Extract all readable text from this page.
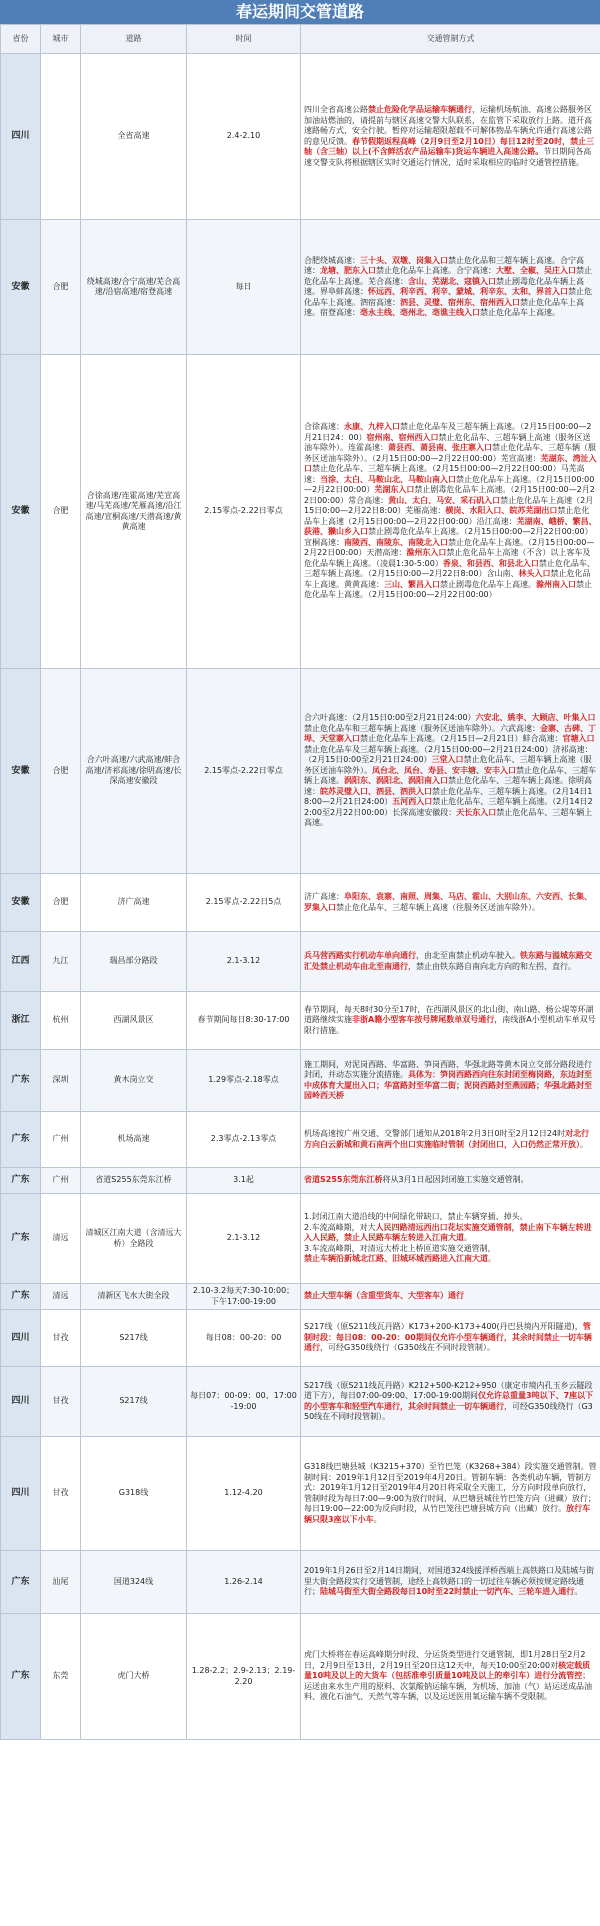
春运期间交管道路
省份	城市	道路	时间	交通管制方式
四川		全省高速	2.4-2.10	四川全省高速公路禁止危险化学品运输车辆通行，运输机场航油、高速公路服务区加油站燃油的，请提前与辖区高速交警大队联系，在监管下采取放行上路。道开高速路畅方式，安全行驶。暂停对运输超限超载不可解体物品车辆允许通行高速公路的意见反馈。春节假期返程高峰（2月9日至2月10日）每日12时至20时，禁止三轴（含三轴）以上(不含鲜活农产品运输车)货运车辆进入高速公路。节日期间各高速交警支队将根据辖区实时交通运行情况，适时采取相应的临时交通管控措施。
安徽	合肥	绕城高速/合宁高速/芜合高速/沿宿高速/宿登高速	每日	合肥绕城高速：三十头、双墩、岗集入口禁止危化品和三超车辆上高速。合宁高速：龙塘、肥东入口禁止危化品车上高速。合宁高速：大墅、全椒、吴庄入口禁止危化品车上高速。芜合高速：含山、芜湖北、寇镇入口禁止剧毒危化品车辆上高速。界阜蚌高速：怀远西、利辛西、利辛、蒙城、利辛东、太和、界首入口禁止危化品车上高速。泗宿高速：泗县、灵璧、宿州东、宿州西入口禁止危化品车上高速。宿登高速：亳永主线、亳州北、亳谯主线入口禁止危化品车上高速。
安徽	合肥	合徐高速/连霍高速/芜宣高速/马芜高速/芜雁高速/沿江高速/宣桐高速/天潜高速/黄黄高速	2.15零点-2.22日零点	合徐高速：永康、九梓入口禁止危化品车及三超车辆上高速。（2月15日00:00—2月21日24：00）宿州南、宿州西入口禁止危化品车、三超车辆上高速（服务区送油车除外）。连霍高速：萧县西、萧县南、张庄寨入口禁止危化品车、三超车辆（服务区送油车除外）。（2月15日00:00—2月22日00:00）芜宣高速：芜湖东、湾沚入口禁止危化品车、三超车辆上高速。（2月15日00:00—2月22日00:00）马芜高速：当涂、太白、马鞍山北、马鞍山南入口禁止危化品车上高速。（2月15日00:00—2月22日00:00）芜湖东入口禁止剧毒危化品车上高速。（2月15日00:00—2月22日00:00）常合高速：黄山、太白、马安、采石矶入口禁止危化品车上高速（2月15日0:00—2月22日8:00）芜雁高速：横岗、水阳入口、皖苏芜湖出口禁止危化品车上高速（2月15日00:00—2月22日00:00）沿江高速：芜湖南、峨桥、繁昌、荻港、獭山乡入口禁止剧毒危化品车上高速。（2月15日00:00—2月22日00:00）宣桐高速：南陵西、南陵东、南陵北入口禁止危化品车上高速。（2月15日00:00—2月22日00:00）天潜高速：滁州东入口禁止危化品车上高速（不含）以上客车及危化品车辆上高速。（凌晨1:30-5:00）香泉、和县西、和县北入口禁止危化品车、三超车辆上高速。（2月15日0:00—2月22日8:00）含山南、林头入口禁止危化品车上高速。黄黄高速：三山、繁昌入口禁止剧毒危化品车上高速。滁州南入口禁止危化品车上高速。（2月15日00:00—2月22日00:00）
安徽	合肥	合六叶高速/六武高速/蚌合高速/济祁高速/徐明高速/长深高速安徽段	2.15零点-2.22日零点	合六叶高速：（2月15日0:00至2月21日24:00）六安北、姚李、大顾店、叶集入口禁止危化品车和三超车辆上高速（服务区送油车除外）。六武高速：金寨、古碑、丁埠、天堂寨入口禁止危化品车上高速。（2月15日—2月21日）蚌合高速：官塘入口禁止危化品车及三超车辆上高速。（2月15日00:00—2月21日24:00）济祁高速：（2月15日0:00至2月21日24:00）三堂入口禁止危化品车、三超车辆上高速（服务区送油车除外）。凤台北、凤台、寿县、安丰塘、安丰入口禁止危化品车、三超车辆上高速。涡阳东、涡阳北、涡阳南入口禁止危化品车、三超车辆上高速。徐明高速：皖苏灵璧入口、泗县、泗洪入口禁止危化品车、三超车辆上高速。（2月14日18:00—2月21日24:00）五河西入口禁止危化品车、三超车辆上高速。（2月14日22:00至2月22日00:00）长深高速安徽段：天长东入口禁止危化品车、三超车辆上高速。
安徽	合肥	济广高速	2.15零点-2.22日5点	济广高速：阜阳东、袁寨、南照、周集、马店、霍山、大别山东、六安西、长集、罗集入口禁止危化品车、三超车辆上高速（往服务区送油车除外）。
江西	九江	瑞昌部分路段	2.1-3.12	兵马营西路实行机动车单向通行，由北至南禁止机动车驶入。铁东路与溢城东路交汇处禁止机动车由北至南通行，禁止由铁东路自南向北方向的和左拐、直行。
浙江	杭州	西湖风景区	春节期间每日8:30-17:00	春节期间，每天8时30分至17时，在西湖风景区的北山街、南山路、杨公堤等环湖道路继续实施非浙A籍小型客车按号牌尾数单双号通行，南线浙A小型机动车单双号限行措施。
广东	深圳	黄木岗立交	1.29零点-2.18零点	施工期间，对泥岗西路、华富路、笋岗西路、华强北路等黄木岗立交部分路段进行封闭，并动态实施分流措施。具体为：笋岗西路西向往东封闭至梅岗路，东边封至中成体育大厦出入口；华富路封至华富二街；泥岗西路封至燕园路；华强北路封至园岭西天桥
广东	广州	机场高速	2.3零点-2.13零点	机场高速按广州交通、交警部门通知从2018年2月3日0时至2月12日24时对北行方向白云新城和黄石南两个出口实施临时管制（封闭出口，入口仍然正常开放）。
广东	广州	省道S255东莞东江桥	3.1起	省道S255东莞东江桥将从3月1日起因封闭施工实施交通管制。
广东	清远	清城区江南大道（含清远大桥）全路段	2.1-3.12	1.封闭江南大道沿线的中间绿化带缺口，禁止车辆穿插、掉头。
2.车流高峰期，对大人民四路清远西出口花坛实施交通管制，禁止南下车辆左转进入人民路，禁止人民路车辆左转进入江南大道。
3.车流高峰期，对清远大桥北上桥匝道实施交通管制，
禁止车辆沿新城北江路、旧城环城西路进入江南大道。
广东	清远	清新区飞水大街全段	2.10-3.2每天7:30-10:00；下午17:00-19:00	禁止大型车辆（含重型货车、大型客车）通行
四川	甘孜	S217线	每日08：00-20：00	S217线（原S211线瓦丹路）K173+200-K173+400(丹巴县境内开阳隧道)，管制时段：每日08：00-20：00期间仅允许小型车辆通行，其余时间禁止一切车辆通行，可经G350线绕行（G350线在不同时段管制）。
四川	甘孜	S217线	每日07：00-09：00、17:00-19:00	S217线（原S211线瓦丹路）K212+500-K212+950（康定市境内孔玉乡云隧段道下方），每日07:00-09:00、17:00-19:00期间仅允许总重量3吨以下、7座以下的小型客车和轻型汽车通行，其余时间禁止一切车辆通行，可经G350线绕行（G350线在不同时段管制）。
四川	甘孜	G318线	1.12-4.20	G318线巴塘县城（K3215+370）至竹巴笼（K3268+384）段实施交通管制。管制时间：2019年1月12日至2019年4月20日。管制车辆：各类机动车辆，管制方式：2019年1月12日至2019年4月20日将采取全天施工，分方向时段单向放行，管制时段为每日7:00—9:00为放行时间，从巴塘县城往竹巴笼方向（进藏）放行；每日19:00—22:00为反向时段，从竹巴笼往巴塘县城方向（出藏）放行。放行车辆只限3座以下小车。
广东	汕尾	国道324线	1.26-2.14	2019年1月26日至2月14日期间，对国道324线援洋桥西端上高铁路口及陆城与街里大街全路段实行交通管制，途经上高铁路口的一切过往车辆必须按规定路线通行；陆城马街至大街全路段每日10时至22时禁止一切汽车、三轮车进入通行。
广东	东莞	虎门大桥	1.28-2.2；2.9-2.13；2.19-2.20	虎门大桥将在春运高峰期分时段、分运货类型进行交通管制，即1月28日至2月2日，2月9日至13日，2月19日至20日这12天中，每天10:00至20:00对核定载质量10吨及以上的大货车（包括准牵引质量10吨及以上的牵引车）进行分流管控；运送由来水生产用的原料、次氯酸钠运输车辆，为机场、加油（气）站运送成品油料、液化石油气、天然气等车辆，以及运送医用氧运输车辆不受限制。
